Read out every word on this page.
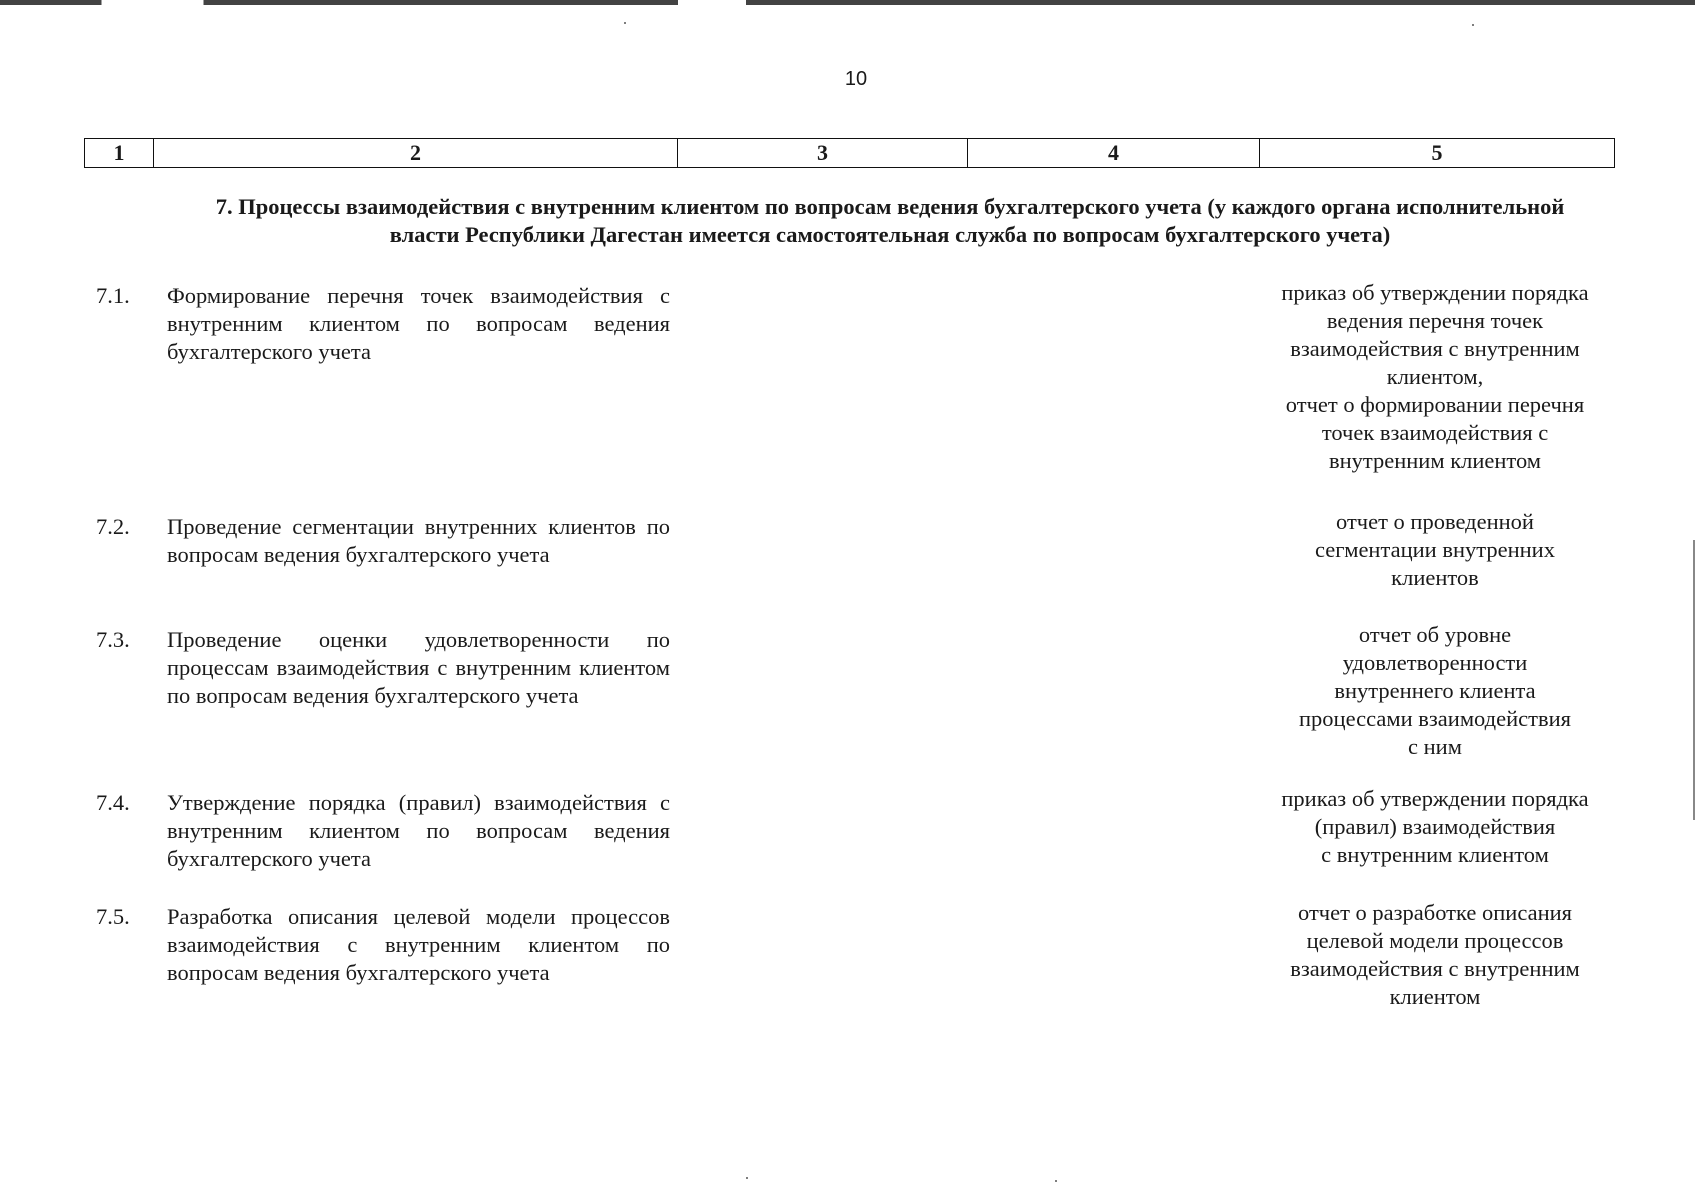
10
1	2	3	4	5
7. Процессы взаимодействия с внутренним клиентом по вопросам ведения бухгалтерского учета (у каждого органа исполнительной власти Республики Дагестан имеется самостоятельная служба по вопросам бухгалтерского учета)
7.1. Формирование перечня точек взаимодействия с внутренним клиентом по вопросам ведения бухгалтерского учета
приказ об утверждении порядка
ведения перечня точек
взаимодействия с внутренним
клиентом,
отчет о формировании перечня
точек взаимодействия с
внутренним клиентом
7.2. Проведение сегментации внутренних клиентов по вопросам ведения бухгалтерского учета
отчет о проведенной
сегментации внутренних
клиентов
7.3. Проведение оценки удовлетворенности по процессам взаимодействия с внутренним клиентом по вопросам ведения бухгалтерского учета
отчет об уровне
удовлетворенности
внутреннего клиента
процессами взаимодействия
с ним
7.4. Утверждение порядка (правил) взаимодействия с внутренним клиентом по вопросам ведения бухгалтерского учета
приказ об утверждении порядка
(правил) взаимодействия
с внутренним клиентом
7.5. Разработка описания целевой модели процессов взаимодействия с внутренним клиентом по вопросам ведения бухгалтерского учета
отчет о разработке описания
целевой модели процессов
взаимодействия с внутренним
клиентом
